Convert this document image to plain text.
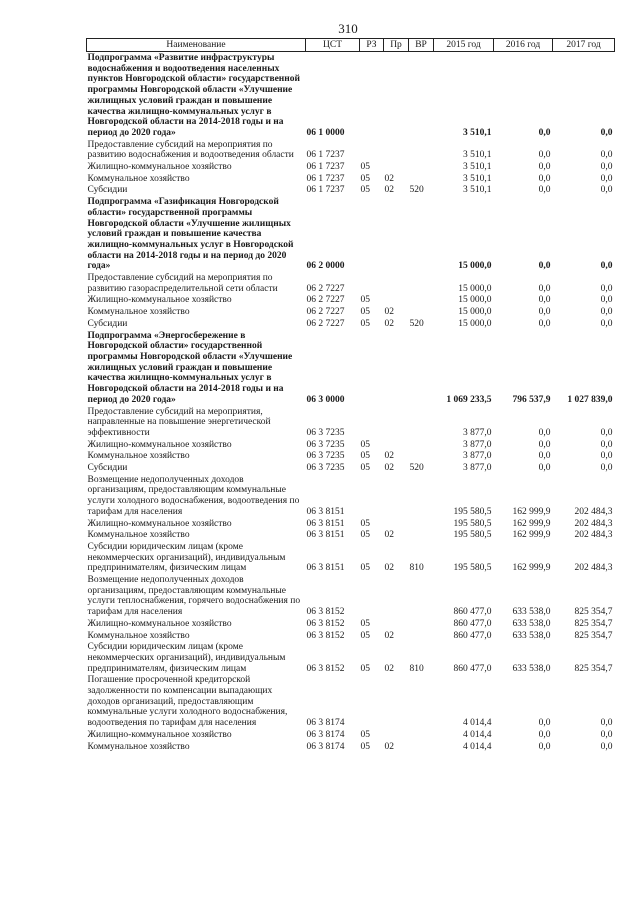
310
Наименование	ЦСТ	РЗ	Пр	ВР	2015 год	2016 год	2017 год
Подпрограмма «Развитие инфраструктуры водоснабжения и водоотведения населенных пунктов Новгородской области» государственной программы Новгородской области «Улучшение жилищных условий граждан и повышение качества жилищно-коммунальных услуг в Новгородской области на 2014-2018 годы и на период до 2020 года»	06 1 0000				3 510,1	0,0	0,0
Предоставление субсидий на мероприятия по развитию водоснабжения и водоотведения области	06 1 7237				3 510,1	0,0	0,0
Жилищно-коммунальное хозяйство	06 1 7237	05			3 510,1	0,0	0,0
Коммунальное хозяйство	06 1 7237	05	02		3 510,1	0,0	0,0
Субсидии	06 1 7237	05	02	520	3 510,1	0,0	0,0
Подпрограмма «Газификация Новгородской области» государственной программы Новгородской области «Улучшение жилищных условий граждан и повышение качества жилищно-коммунальных услуг в Новгородской области на 2014-2018 годы и на период до 2020 года»	06 2 0000				15 000,0	0,0	0,0
Предоставление субсидий на мероприятия по развитию газораспределительной сети области	06 2 7227				15 000,0	0,0	0,0
Жилищно-коммунальное хозяйство	06 2 7227	05			15 000,0	0,0	0,0
Коммунальное хозяйство	06 2 7227	05	02		15 000,0	0,0	0,0
Субсидии	06 2 7227	05	02	520	15 000,0	0,0	0,0
Подпрограмма «Энергосбережение в Новгородской области» государственной программы Новгородской области «Улучшение жилищных условий граждан и повышение качества жилищно-коммунальных услуг в Новгородской области на 2014-2018 годы и на период до 2020 года»	06 3 0000				1 069 233,5	796 537,9	1 027 839,0
Предоставление субсидий на мероприятия, направленные на повышение энергетической эффективности	06 3 7235				3 877,0	0,0	0,0
Жилищно-коммунальное хозяйство	06 3 7235	05			3 877,0	0,0	0,0
Коммунальное хозяйство	06 3 7235	05	02		3 877,0	0,0	0,0
Субсидии	06 3 7235	05	02	520	3 877,0	0,0	0,0
Возмещение недополученных доходов организациям, предоставляющим коммунальные услуги холодного водоснабжения, водоотведения по тарифам для населения	06 3 8151				195 580,5	162 999,9	202 484,3
Жилищно-коммунальное хозяйство	06 3 8151	05			195 580,5	162 999,9	202 484,3
Коммунальное хозяйство	06 3 8151	05	02		195 580,5	162 999,9	202 484,3
Субсидии юридическим лицам (кроме некоммерческих организаций), индивидуальным предпринимателям, физическим лицам	06 3 8151	05	02	810	195 580,5	162 999,9	202 484,3
Возмещение недополученных доходов организациям, предоставляющим коммунальные услуги теплоснабжения, горячего водоснабжения по тарифам для населения	06 3 8152				860 477,0	633 538,0	825 354,7
Жилищно-коммунальное хозяйство	06 3 8152	05			860 477,0	633 538,0	825 354,7
Коммунальное хозяйство	06 3 8152	05	02		860 477,0	633 538,0	825 354,7
Субсидии юридическим лицам (кроме некоммерческих организаций), индивидуальным предпринимателям, физическим лицам	06 3 8152	05	02	810	860 477,0	633 538,0	825 354,7
Погашение просроченной кредиторской задолженности по компенсации выпадающих доходов организаций, предоставляющим коммунальные услуги холодного водоснабжения, водоотведения по тарифам для населения	06 3 8174				4 014,4	0,0	0,0
Жилищно-коммунальное хозяйство	06 3 8174	05			4 014,4	0,0	0,0
Коммунальное хозяйство	06 3 8174	05	02		4 014,4	0,0	0,0
